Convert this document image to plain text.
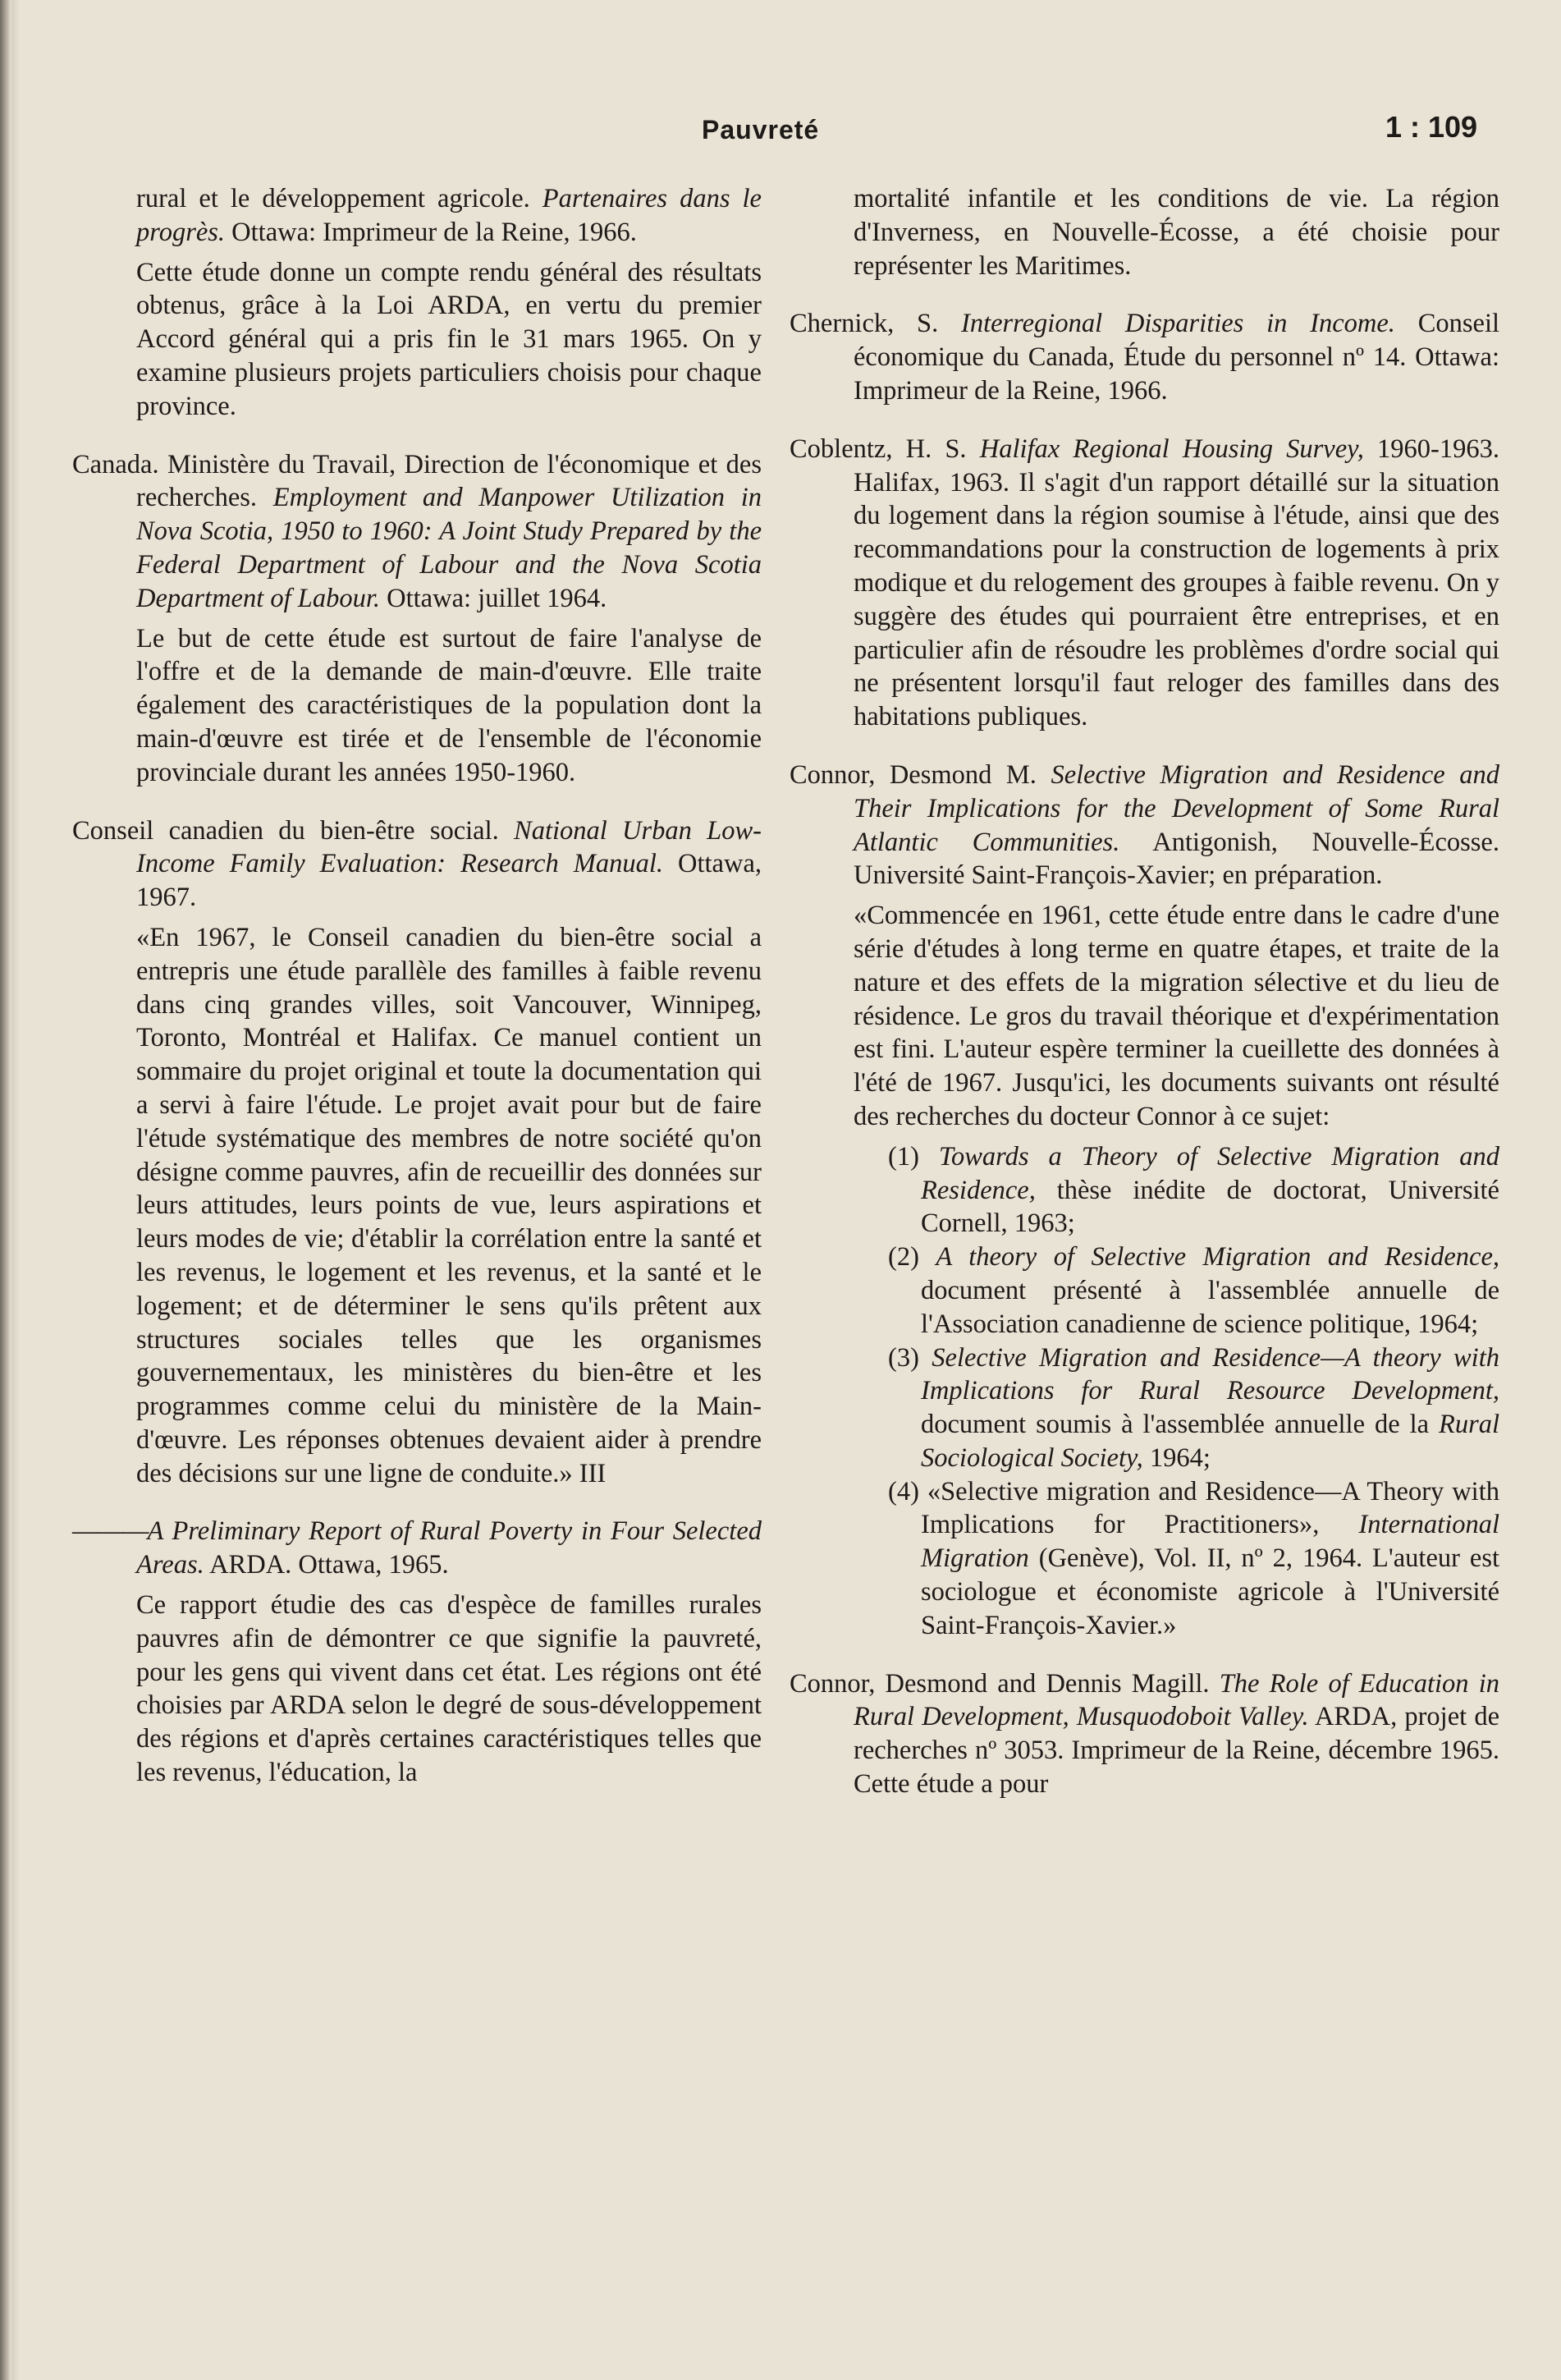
Pauvreté	1 : 109

rural et le développement agricole. Partenaires dans le progrès. Ottawa: Imprimeur de la Reine, 1966.

Cette étude donne un compte rendu général des résultats obtenus, grâce à la Loi ARDA, en vertu du premier Accord général qui a pris fin le 31 mars 1965. On y examine plusieurs projets particuliers choisis pour chaque province.

Canada. Ministère du Travail, Direction de l'économique et des recherches. Employment and Manpower Utilization in Nova Scotia, 1950 to 1960: A Joint Study Prepared by the Federal Department of Labour and the Nova Scotia Department of Labour. Ottawa: juillet 1964.

Le but de cette étude est surtout de faire l'analyse de l'offre et de la demande de main-d'œuvre. Elle traite également des caractéristiques de la population dont la main-d'œuvre est tirée et de l'ensemble de l'économie provinciale durant les années 1950-1960.

Conseil canadien du bien-être social. National Urban Low-Income Family Evaluation: Research Manual. Ottawa, 1967.

«En 1967, le Conseil canadien du bien-être social a entrepris une étude parallèle des familles à faible revenu dans cinq grandes villes, soit Vancouver, Winnipeg, Toronto, Montréal et Halifax. Ce manuel contient un sommaire du projet original et toute la documentation qui a servi à faire l'étude. Le projet avait pour but de faire l'étude systématique des membres de notre société qu'on désigne comme pauvres, afin de recueillir des données sur leurs attitudes, leurs points de vue, leurs aspirations et leurs modes de vie; d'établir la corrélation entre la santé et les revenus, le logement et les revenus, et la santé et le logement; et de déterminer le sens qu'ils prêtent aux structures sociales telles que les organismes gouvernementaux, les ministères du bien-être et les programmes comme celui du ministère de la Main-d'œuvre. Les réponses obtenues devaient aider à prendre des décisions sur une ligne de conduite.» III

———A Preliminary Report of Rural Poverty in Four Selected Areas. ARDA. Ottawa, 1965.

Ce rapport étudie des cas d'espèce de familles rurales pauvres afin de démontrer ce que signifie la pauvreté, pour les gens qui vivent dans cet état. Les régions ont été choisies par ARDA selon le degré de sous-développement des régions et d'après certaines caractéristiques telles que les revenus, l'éducation, la

mortalité infantile et les conditions de vie. La région d'Inverness, en Nouvelle-Écosse, a été choisie pour représenter les Maritimes.

Chernick, S. Interregional Disparities in Income. Conseil économique du Canada, Étude du personnel nº 14. Ottawa: Imprimeur de la Reine, 1966.

Coblentz, H. S. Halifax Regional Housing Survey, 1960-1963. Halifax, 1963. Il s'agit d'un rapport détaillé sur la situation du logement dans la région soumise à l'étude, ainsi que des recommandations pour la construction de logements à prix modique et du relogement des groupes à faible revenu. On y suggère des études qui pourraient être entreprises, et en particulier afin de résoudre les problèmes d'ordre social qui ne présentent lorsqu'il faut reloger des familles dans des habitations publiques.

Connor, Desmond M. Selective Migration and Residence and Their Implications for the Development of Some Rural Atlantic Communities. Antigonish, Nouvelle-Écosse. Université Saint-François-Xavier; en préparation.

«Commencée en 1961, cette étude entre dans le cadre d'une série d'études à long terme en quatre étapes, et traite de la nature et des effets de la migration sélective et du lieu de résidence. Le gros du travail théorique et d'expérimentation est fini. L'auteur espère terminer la cueillette des données à l'été de 1967. Jusqu'ici, les documents suivants ont résulté des recherches du docteur Connor à ce sujet:

(1) Towards a Theory of Selective Migration and Residence, thèse inédite de doctorat, Université Cornell, 1963;

(2) A theory of Selective Migration and Residence, document présenté à l'assemblée annuelle de l'Association canadienne de science politique, 1964;

(3) Selective Migration and Residence—A theory with Implications for Rural Resource Development, document soumis à l'assemblée annuelle de la Rural Sociological Society, 1964;

(4) «Selective migration and Residence—A Theory with Implications for Practitioners», International Migration (Genève), Vol. II, nº 2, 1964. L'auteur est sociologue et économiste agricole à l'Université Saint-François-Xavier.»

Connor, Desmond and Dennis Magill. The Role of Education in Rural Development, Musquodoboit Valley. ARDA, projet de recherches nº 3053. Imprimeur de la Reine, décembre 1965. Cette étude a pour
